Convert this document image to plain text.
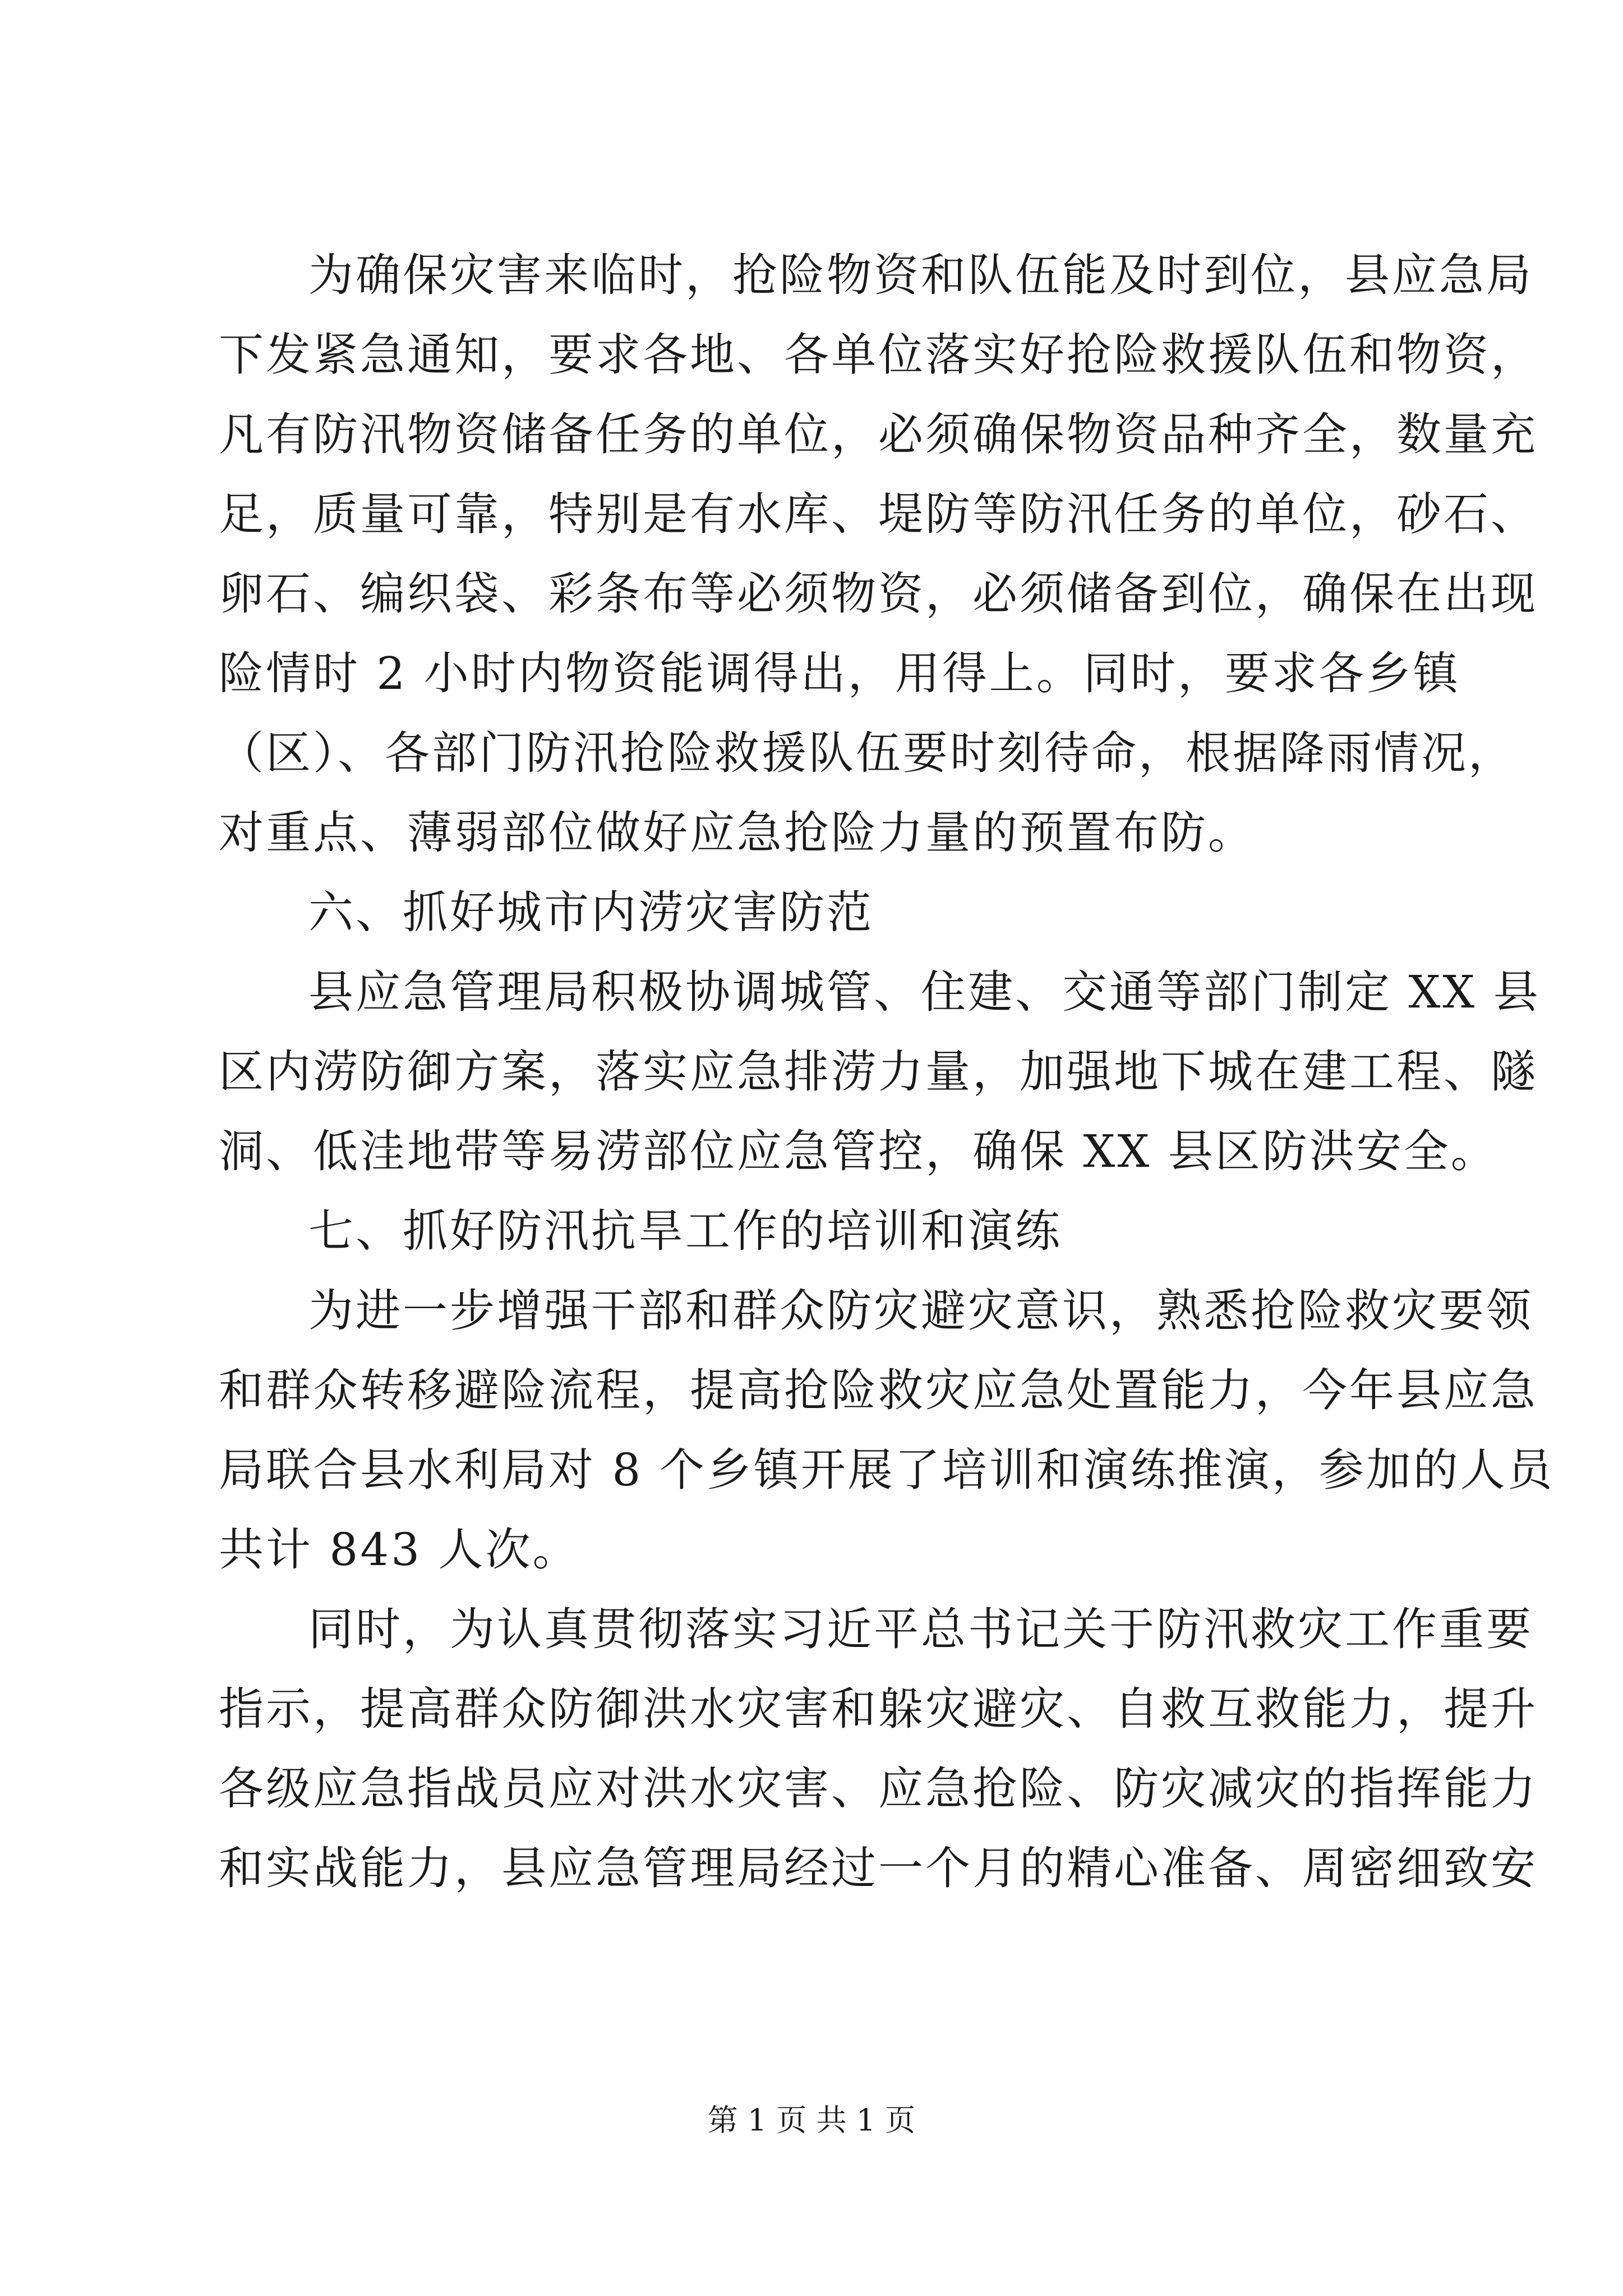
为确保灾害来临时，抢险物资和队伍能及时到位，县应急局
下发紧急通知，要求各地、各单位落实好抢险救援队伍和物资，
凡有防汛物资储备任务的单位，必须确保物资品种齐全，数量充
足，质量可靠，特别是有水库、堤防等防汛任务的单位，砂石、
卵石、编织袋、彩条布等必须物资，必须储备到位，确保在出现
险情时 2 小时内物资能调得出，用得上。同时，要求各乡镇
（区）、各部门防汛抢险救援队伍要时刻待命，根据降雨情况，
对重点、薄弱部位做好应急抢险力量的预置布防。
六、抓好城市内涝灾害防范
县应急管理局积极协调城管、住建、交通等部门制定 XX 县
区内涝防御方案，落实应急排涝力量，加强地下城在建工程、隧
洞、低洼地带等易涝部位应急管控，确保 XX 县区防洪安全。
七、抓好防汛抗旱工作的培训和演练
为进一步增强干部和群众防灾避灾意识，熟悉抢险救灾要领
和群众转移避险流程，提高抢险救灾应急处置能力，今年县应急
局联合县水利局对 8 个乡镇开展了培训和演练推演，参加的人员
共计 843 人次。
同时，为认真贯彻落实习近平总书记关于防汛救灾工作重要
指示，提高群众防御洪水灾害和躲灾避灾、自救互救能力，提升
各级应急指战员应对洪水灾害、应急抢险、防灾减灾的指挥能力
和实战能力，县应急管理局经过一个月的精心准备、周密细致安
第 1 页 共 1 页
